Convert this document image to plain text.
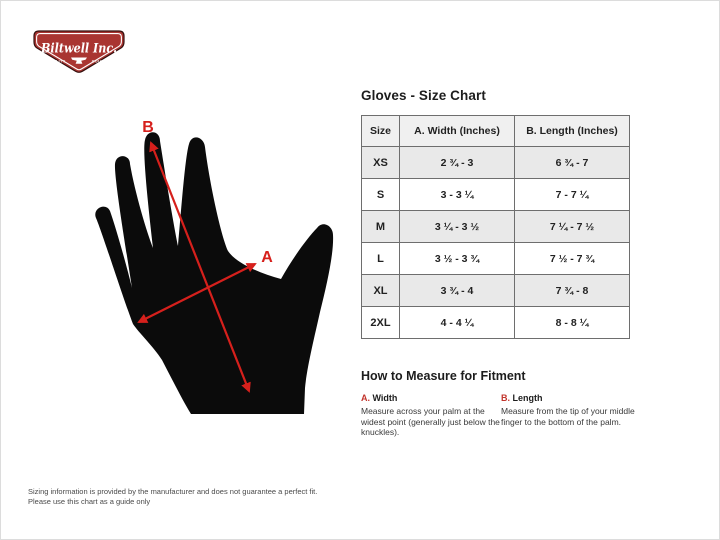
Biltwell Inc.
“QUALITY	COUNTS”
B
A
Gloves - Size Chart
Size	A. Width (Inches)	B. Length (Inches)
XS	2 ¾ - 3	6 ¾ - 7
S	3 - 3 ¼	7 - 7 ¼
M	3 ¼ - 3 ½	7 ¼ - 7 ½
L	3 ½ - 3 ¾	7 ½ - 7 ¾
XL	3 ¾ - 4	7 ¾ - 8
2XL	4 - 4 ¼	8 - 8 ¼
How to Measure for Fitment
A. Width
Measure across your palm at the widest point (generally just below the knuckles).
B. Length
Measure from the tip of your middle finger to the bottom of the palm.
Sizing information is provided by the manufacturer and does not guarantee a perfect fit.
Please use this chart as a guide only
